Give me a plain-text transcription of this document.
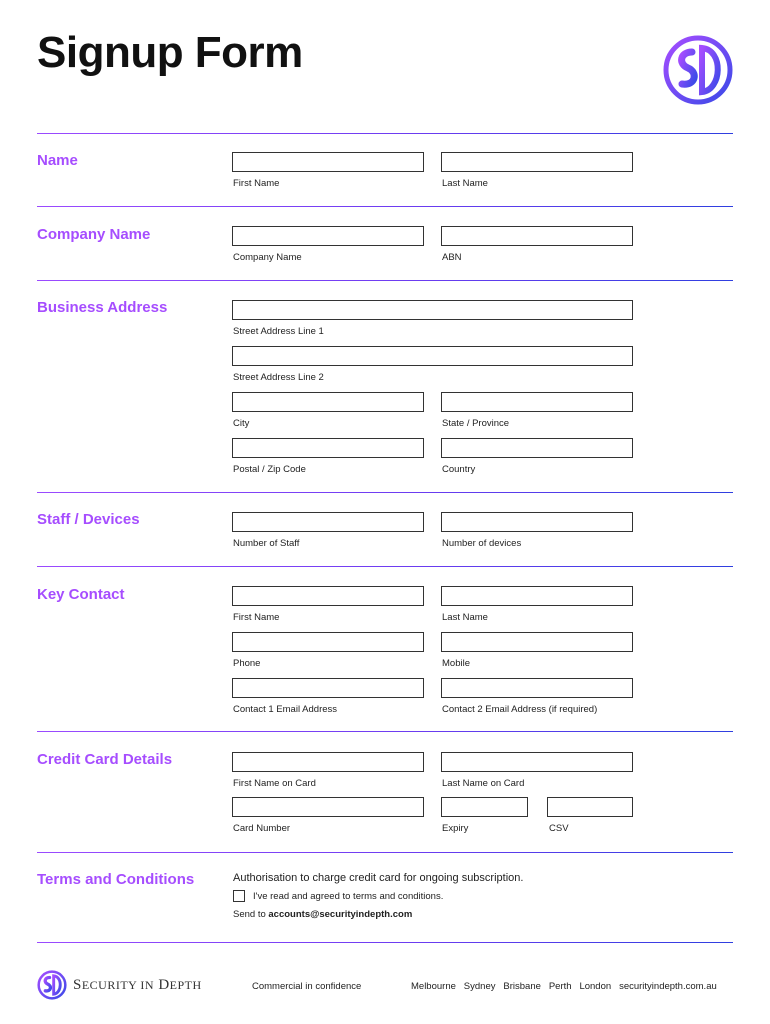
Signup Form
Name
First Name	Last Name
Company Name
Company Name	ABN
Business Address
Street Address Line 1
Street Address Line 2
City	State / Province
Postal / Zip Code	Country
Staff / Devices
Number of Staff	Number of devices
Key Contact
First Name	Last Name
Phone	Mobile
Contact 1 Email Address	Contact 2 Email Address (if required)
Credit Card Details
First Name on Card	Last Name on Card
Card Number	Expiry	CSV
Terms and Conditions	Authorisation to charge credit card for ongoing subscription.
I've read and agreed to terms and conditions.
Send to accounts@securityindepth.com
SECURITY IN DEPTH	Commercial in confidence	Melbourne   Sydney   Brisbane   Perth   London   securityindepth.com.au
